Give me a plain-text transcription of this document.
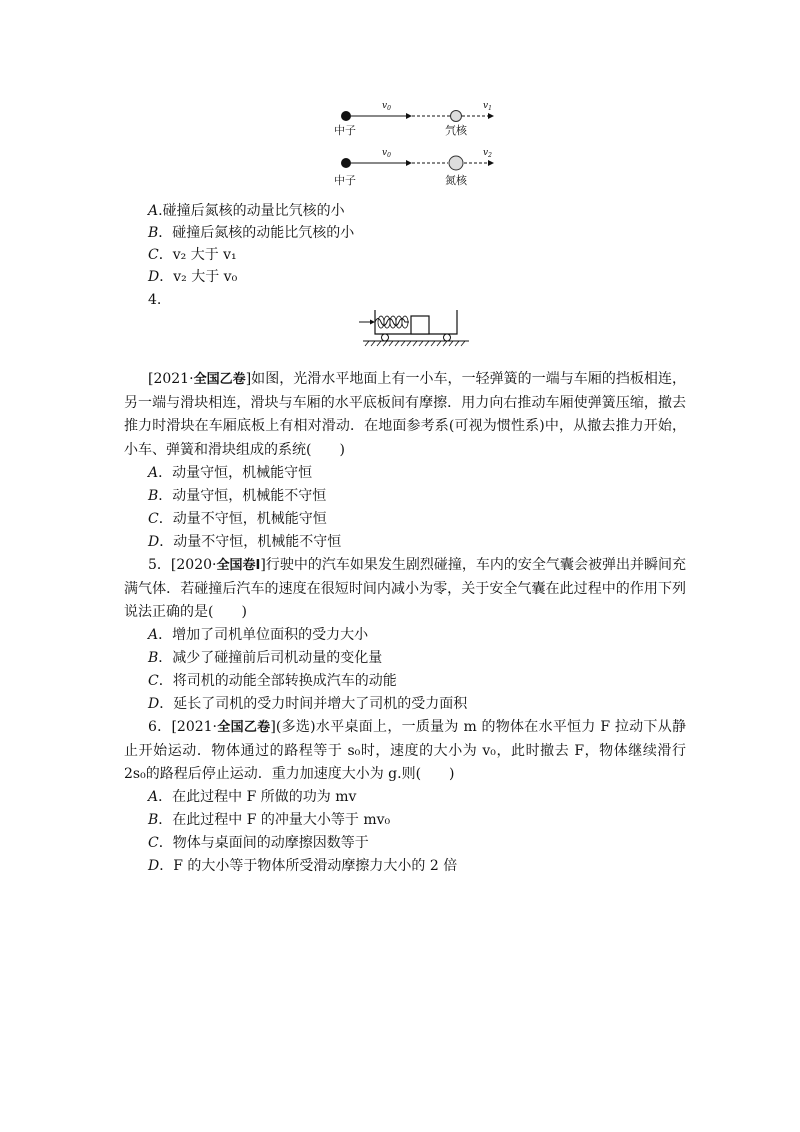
$v_0$	$v_1$
中子	氕核
$v_0$	$v_2$
中子	氮核
A.碰撞后氮核的动量比氕核的小
B．碰撞后氮核的动能比氕核的小
C．v₂ 大于 v₁
D．v₂ 大于 v₀
4.
[2021·全国乙卷]如图，光滑水平地面上有一小车，一轻弹簧的一端与车厢的挡板相连，另一端与滑块相连，滑块与车厢的水平底板间有摩擦．用力向右推动车厢使弹簧压缩，撤去推力时滑块在车厢底板上有相对滑动．在地面参考系(可视为惯性系)中，从撤去推力开始，小车、弹簧和滑块组成的系统(　　)
A．动量守恒，机械能守恒
B．动量守恒，机械能不守恒
C．动量不守恒，机械能守恒
D．动量不守恒，机械能不守恒
5．[2020·全国卷Ⅰ]行驶中的汽车如果发生剧烈碰撞，车内的安全气囊会被弹出并瞬间充满气体．若碰撞后汽车的速度在很短时间内减小为零，关于安全气囊在此过程中的作用下列说法正确的是(　　)
A．增加了司机单位面积的受力大小
B．减少了碰撞前后司机动量的变化量
C．将司机的动能全部转换成汽车的动能
D．延长了司机的受力时间并增大了司机的受力面积
6．[2021·全国乙卷](多选)水平桌面上，一质量为 m 的物体在水平恒力 F 拉动下从静止开始运动．物体通过的路程等于 s₀时，速度的大小为 v₀，此时撤去 F，物体继续滑行 2s₀的路程后停止运动．重力加速度大小为 g.则(　　)
A．在此过程中 F 所做的功为 mv
B．在此过程中 F 的冲量大小等于 mv₀
C．物体与桌面间的动摩擦因数等于
D．F 的大小等于物体所受滑动摩擦力大小的 2 倍
